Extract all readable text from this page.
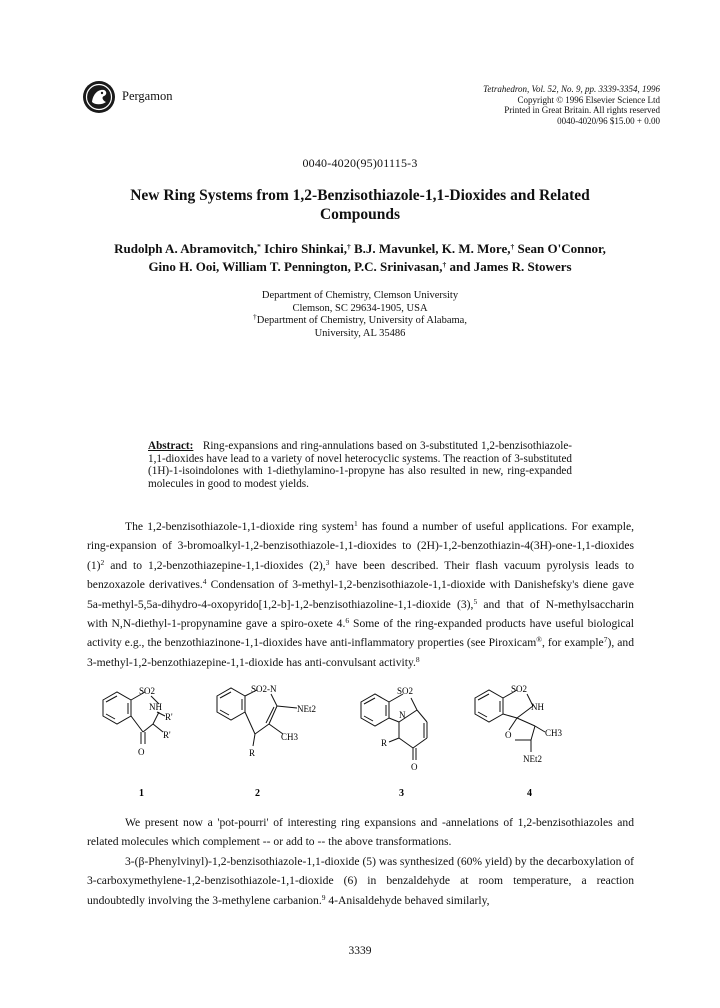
Pergamon	Tetrahedron, Vol. 52, No. 9, pp. 3339-3354, 1996
Copyright © 1996 Elsevier Science Ltd
Printed in Great Britain. All rights reserved
0040-4020/96 $15.00 + 0.00
0040-4020(95)01115-3
New Ring Systems from 1,2-Benzisothiazole-1,1-Dioxides and Related Compounds
Rudolph A. Abramovitch,* Ichiro Shinkai,† B.J. Mavunkel, K. M. More,† Sean O'Connor,
Gino H. Ooi, William T. Pennington, P.C. Srinivasan,† and James R. Stowers
Department of Chemistry, Clemson University
Clemson, SC 29634-1905, USA
†Department of Chemistry, University of Alabama,
University, AL 35486
Abstract: Ring-expansions and ring-annulations based on 3-substituted 1,2-benzisothiazole-1,1-dioxides have lead to a variety of novel heterocyclic systems. The reaction of 3-substituted (1H)-1-isoindolones with 1-diethylamino-1-propyne has also resulted in new, ring-expanded molecules in good to modest yields.

The 1,2-benzisothiazole-1,1-dioxide ring system$^1$ has found a number of useful applications. For example, ring-expansion of 3-bromoalkyl-1,2-benzisothiazole-1,1-dioxides to (2H)-1,2-benzothiazin-4(3H)-one-1,1-dioxides $(1)^2$ and to 1,2-benzothiazepine-1,1-dioxides (2),$^3$ have been described. Their flash vacuum pyrolysis leads to benzoxazole derivatives.$^4$ Condensation of 3-methyl-1,2-benzisothiazole-1,1-dioxide with Danishefsky's diene gave 5a-methyl-5,5a-dihydro-4-oxopyrido[1,2-b]-1,2-benzisothiazoline-1,1-dioxide (3),$^5$ and that of N-methylsaccharin with N,N-diethyl-1-propynamine gave a spiro-oxete 4.$^6$ Some of the ring-expanded products have useful biological activity e.g., the benzothiazinone-1,1-dioxides have anti-inflammatory properties (see Piroxicam®, for example$^7$), and 3-methyl-1,2-benzothiazepine-1,1-dioxide has anti-convulsant activity.$^8$

SO2
NH
R'
R'
O
1
SO2-N
NEt2
CH3
R
2
SO2
N
R
O
3
SO2
NH
O	CH3
NEt2
4

We present now a 'pot-pourri' of interesting ring expansions and -annelations of 1,2-benzisothiazoles and related molecules which complement -- or add to -- the above transformations.

3-(β-Phenylvinyl)-1,2-benzisothiazole-1,1-dioxide (5) was synthesized (60% yield) by the decarboxylation of 3-carboxymethylene-1,2-benzisothiazole-1,1-dioxide (6) in benzaldehyde at room temperature, a reaction undoubtedly involving the 3-methylene carbanion.$^9$ 4-Anisaldehyde behaved similarly,

3339
